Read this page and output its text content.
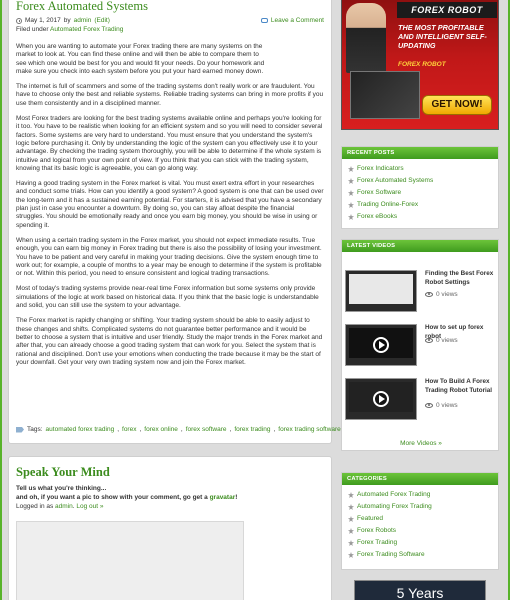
Forex Automated Systems
May 1, 2017 by admin (Edit)	Leave a Comment
Filed under Automated Forex Trading

When you are wanting to automate your Forex trading there are many systems on the market to look at. You can find these online and will then be able to compare them to see which one would be best for you and would fit your needs. Do your homework and make sure you check into each system before you put your hard earned money down.

The internet is full of scammers and some of the trading systems don't really work or are fraudulent. You have to choose only the best and reliable systems. Reliable trading systems can bring in more profits if you use them consistently and in a disciplined manner.

Most Forex traders are looking for the best trading systems available online and perhaps you're looking for it too. You have to be realistic when looking for an efficient system and so you will need to consider several factors. Some systems are very hard to understand. You must ensure that you understand the system's logic before purchasing it. Only by understanding the logic of the system can you effectively use it to your advantage. By checking the trading system thoroughly, you will be able to determine if the whole system is intuitive and logical from your own point of view. If you think that you can stick with the trading system, knowing that its basic logic is agreeable, you can go along way.

Having a good trading system in the Forex market is vital. You must exert extra effort in your researches and conduct some trials. How can you identify a good system? A good system is one that can be used over the long-term and it has a sustained earning potential. For starters, it is advised that you have a secondary plan just in case you encounter a downturn. By doing so, you can stay afloat despite the financial struggles. You should be emotionally ready and once you earn big money, you should be wise in using or spending it.

When using a certain trading system in the Forex market, you should not expect immediate results. True enough, you can earn big money in Forex trading but there is also the possibility of losing your investment. You have to be patient and very careful in making your trading decisions. Give the system enough time to work out; for example, a couple of months to a year may be enough to determine if the system is profitable or not. Within this period, you need to ensure consistent and logical trading transactions.

Most of today's trading systems provide near-real time Forex information but some systems only provide simulations of the logic at work based on historical data. If you think that the basic logic is understandable and solid, you can still use the system to your advantage.

The Forex market is rapidly changing or shifting. Your trading system should be able to easily adjust to these changes and shifts. Complicated systems do not guarantee better performance and it would be better to choose a system that is intuitive and user friendly. Study the major trends in the Forex market and after that, you can already choose a good trading system that can work for you. Select the system that is rational and disciplined. Don't use your emotions when conducting the trade because it may be the start of your downfall. Get your very own trading system now and join the Forex market.

Tags: automated forex trading , forex , forex online , forex software , forex trading , forex trading software
Speak Your Mind
Tell us what you're thinking...
and oh, if you want a pic to show with your comment, go get a gravatar!
Logged in as admin. Log out »
FOREX ROBOT
THE MOST PROFITABLE AND INTELLIGENT SELF-UPDATING
FOREX ROBOT
GET NOW!
RECENT POSTS
Forex Indicators
Forex Automated Systems
Forex Software
Trading Online-Forex
Forex eBooks
LATEST VIDEOS
Finding the Best Forex Robot Settings
0 views
How to set up forex robot
0 views
How To Build A Forex Trading Robot Tutorial
0 views
More Videos »
CATEGORIES
Automated Forex Trading
Automating Forex Trading
Featured
Forex Robots
Forex Trading
Forex Trading Software
5 Years
